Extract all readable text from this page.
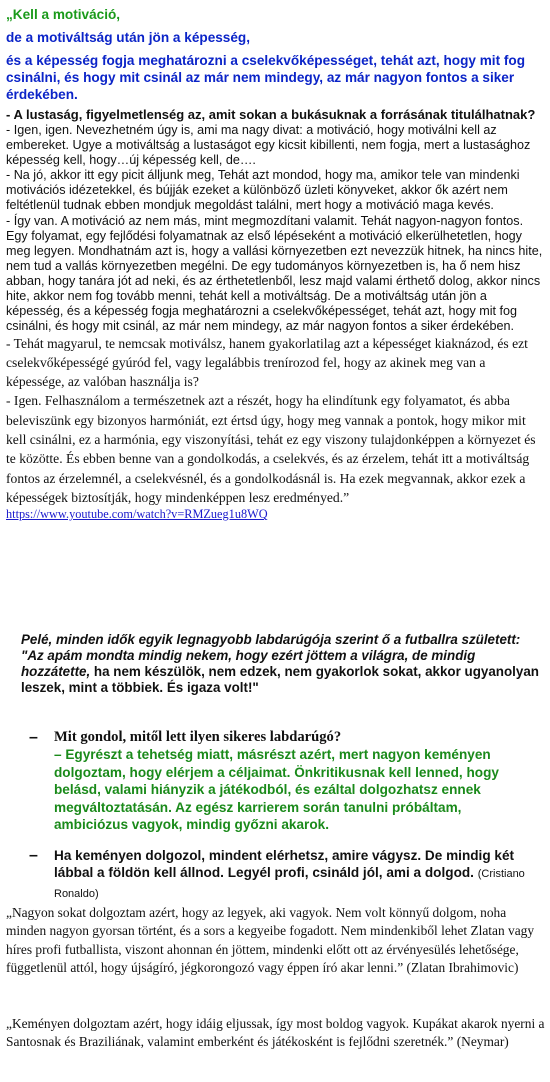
„Kell a motiváció,
de a motiváltság után jön a képesség,
és a képesség fogja meghatározni a cselekvőképességet, tehát azt, hogy mit fog csinálni, és hogy mit csinál az már nem mindegy, az már nagyon fontos a siker érdekében.
- A lustaság, figyelmetlenség az, amit sokan a bukásuknak a forrásának titulálhatnak?
- Igen, igen. Nevezhetném úgy is, ami ma nagy divat: a motiváció, hogy motiválni kell az embereket. Ugye a motiváltság a lustaságot egy kicsit kibillenti, nem fogja, mert a lustasághoz képesség kell, hogy…új képesség kell, de….
- Na jó, akkor itt egy picit álljunk meg, Tehát azt mondod, hogy ma, amikor tele van mindenki motivációs idézetekkel, és bújják ezeket a különböző üzleti könyveket, akkor ők azért nem feltétlenül tudnak ebben mondjuk megoldást találni, mert hogy a motiváció maga kevés.
- Így van. A motiváció az nem más, mint megmozdítani valamit. Tehát nagyon-nagyon fontos. Egy folyamat, egy fejlődési folyamatnak az első lépéseként a motiváció elkerülhetetlen, hogy meg legyen. Mondhatnám azt is, hogy a vallási környezetben ezt nevezzük hitnek, ha nincs hite, nem tud a vallás környezetben megélni. De egy tudományos környezetben is, ha ő nem hisz abban, hogy tanára jót ad neki, és az érthetetlenből, lesz majd valami érthető dolog, akkor nincs hite, akkor nem fog tovább menni, tehát kell a motiváltság. De a motiváltság után jön a képesség, és a képesség fogja meghatározni a cselekvőképességet, tehát azt, hogy mit fog csinálni, és hogy mit csinál, az már nem mindegy, az már nagyon fontos a siker érdekében.
- Tehát magyarul, te nemcsak motiválsz, hanem gyakorlatilag azt a képességet kiaknázod, és ezt cselekvőképességé gyúród fel, vagy legalábbis trenírozod fel, hogy az akinek meg van a képessége, az valóban használja is?
- Igen. Felhasználom a természetnek azt a részét, hogy ha elindítunk egy folyamatot, és abba beleviszünk egy bizonyos harmóniát, ezt értsd úgy, hogy meg vannak a pontok, hogy mikor mit kell csinálni, ez a harmónia, egy viszonyítási, tehát ez egy viszony tulajdonképpen a környezet és te közötte. És ebben benne van a gondolkodás, a cselekvés, és az érzelem, tehát itt a motiváltság fontos az érzelemnél, a cselekvésnél, és a gondolkodásnál is. Ha ezek megvannak, akkor ezek a képességek biztosítják, hogy mindenképpen lesz eredményed.”
https://www.youtube.com/watch?v=RMZueg1u8WQ
Pelé, minden idők egyik legnagyobb labdarúgója szerint ő a futballra született:
"Az apám mondta mindig nekem, hogy ezért jöttem a világra, de mindig hozzátette, ha nem készülök, nem edzek, nem gyakorlok sokat, akkor ugyanolyan leszek, mint a többiek. És igaza volt!"
–	Mit gondol, mitől lett ilyen sikeres labdarúgó?
– Egyrészt a tehetség miatt, másrészt azért, mert nagyon keményen dolgoztam, hogy elérjem a céljaimat. Önkritikusnak kell lenned, hogy belásd, valami hiányzik a játékodból, és ezáltal dolgozhatsz ennek megváltoztatásán. Az egész karrierem során tanulni próbáltam, ambiciózus vagyok, mindig győzni akarok.
–	Ha keményen dolgozol, mindent elérhetsz, amire vágysz. De mindig két lábbal a földön kell állnod. Legyél profi, csináld jól, ami a dolgod. (Cristiano Ronaldo)
„Nagyon sokat dolgoztam azért, hogy az legyek, aki vagyok. Nem volt könnyű dolgom, noha minden nagyon gyorsan történt, és a sors a kegyeibe fogadott. Nem mindenkiből lehet Zlatan vagy híres profi futballista, viszont ahonnan én jöttem, mindenki előtt ott az érvényesülés lehetősége, függetlenül attól, hogy újságíró, jégkorongozó vagy éppen író akar lenni.” (Zlatan Ibrahimovic)
„Keményen dolgoztam azért, hogy idáig eljussak, így most boldog vagyok. Kupákat akarok nyerni a Santosnak és Braziliának, valamint emberként és játékosként is fejlődni szeretnék.” (Neymar)
